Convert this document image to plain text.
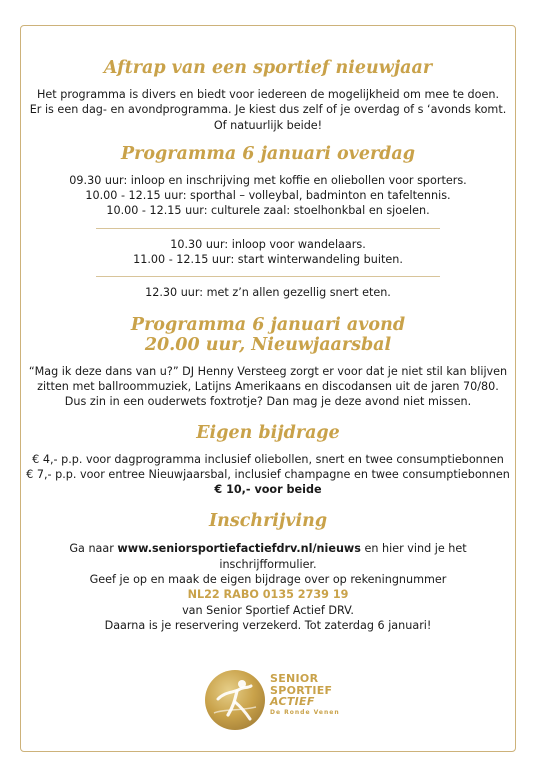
Aftrap van een sportief nieuwjaar

Het programma is divers en biedt voor iedereen de mogelijkheid om mee te doen.

Er is een dag- en avondprogramma. Je kiest dus zelf of je overdag of s ‘avonds komt.

Of natuurlijk beide!

Programma 6 januari overdag

09.30 uur: inloop en inschrijving met koffie en oliebollen voor sporters.

10.00 - 12.15 uur: sporthal – volleybal, badminton en tafeltennis.

10.00 - 12.15 uur: culturele zaal: stoelhonkbal en sjoelen.

10.30 uur: inloop voor wandelaars.

11.00 - 12.15 uur: start winterwandeling buiten.

12.30 uur: met z’n allen gezellig snert eten.

Programma 6 januari avond
20.00 uur, Nieuwjaarsbal

“Mag ik deze dans van u?” DJ Henny Versteeg zorgt er voor dat je niet stil kan blijven

zitten met ballroommuziek, Latijns Amerikaans en discodansen uit de jaren 70/80.

Dus zin in een ouderwets foxtrotje? Dan mag je deze avond niet missen.

Eigen bijdrage

€ 4,- p.p. voor dagprogramma inclusief oliebollen, snert en twee consumptiebonnen

€ 7,- p.p. voor entree Nieuwjaarsbal, inclusief champagne en twee consumptiebonnen

€ 10,- voor beide

Inschrijving

Ga naar www.seniorsportiefactiefdrv.nl/nieuws en hier vind je het inschrijfformulier.

Geef je op en maak de eigen bijdrage over op rekeningnummer

NL22 RABO 0135 2739 19

van Senior Sportief Actief DRV.

Daarna is je reservering verzekerd. Tot zaterdag 6 januari!

SENIOR
SPORTIEF
ACTIEF
De Ronde Venen
